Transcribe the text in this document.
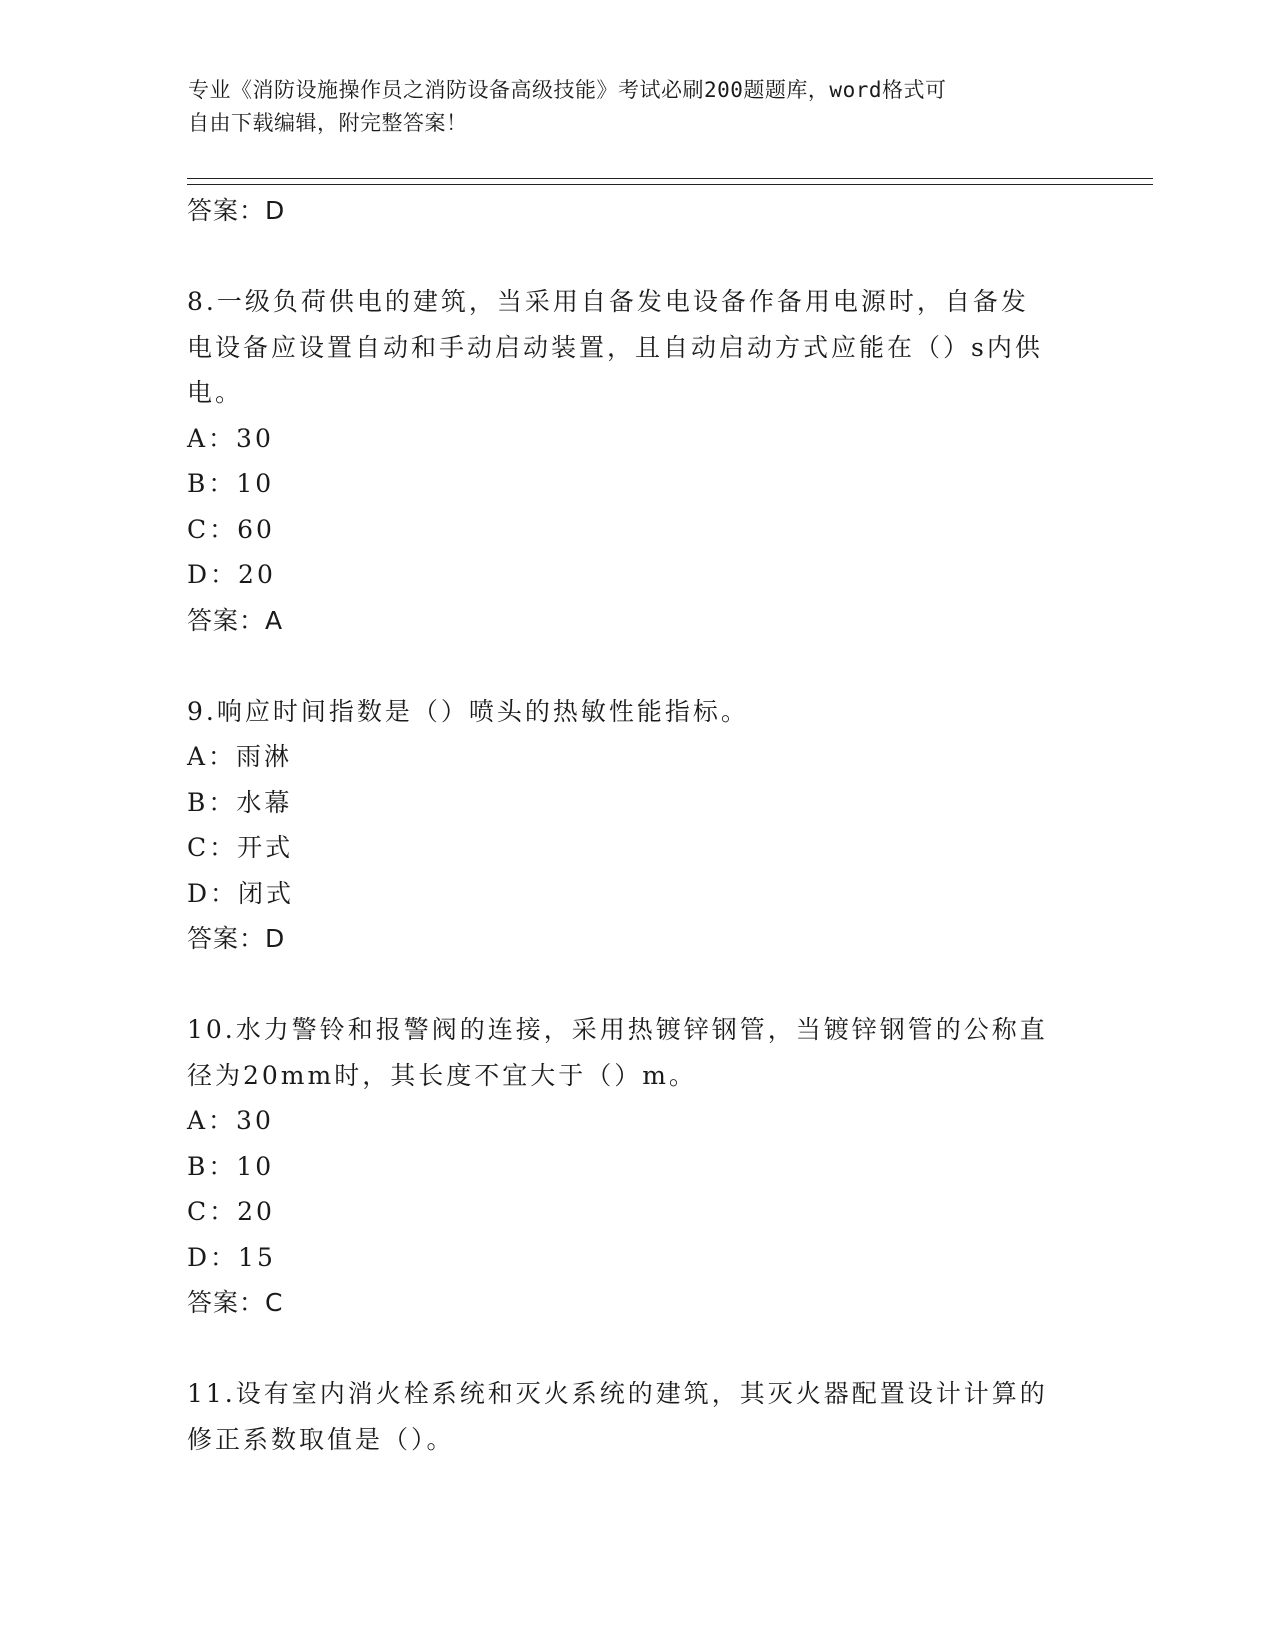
专业《消防设施操作员之消防设备高级技能》考试必刷200题题库，word格式可
自由下载编辑，附完整答案！
答案：D
8.一级负荷供电的建筑，当采用自备发电设备作备用电源时，自备发
电设备应设置自动和手动启动装置，且自动启动方式应能在（）s内供
电。
A：30
B：10
C：60
D：20
答案：A
9.响应时间指数是（）喷头的热敏性能指标。
A：雨淋
B：水幕
C：开式
D：闭式
答案：D
10.水力警铃和报警阀的连接，采用热镀锌钢管，当镀锌钢管的公称直
径为20mm时，其长度不宜大于（）m。
A：30
B：10
C：20
D：15
答案：C
11.设有室内消火栓系统和灭火系统的建筑，其灭火器配置设计计算的
修正系数取值是（）。
